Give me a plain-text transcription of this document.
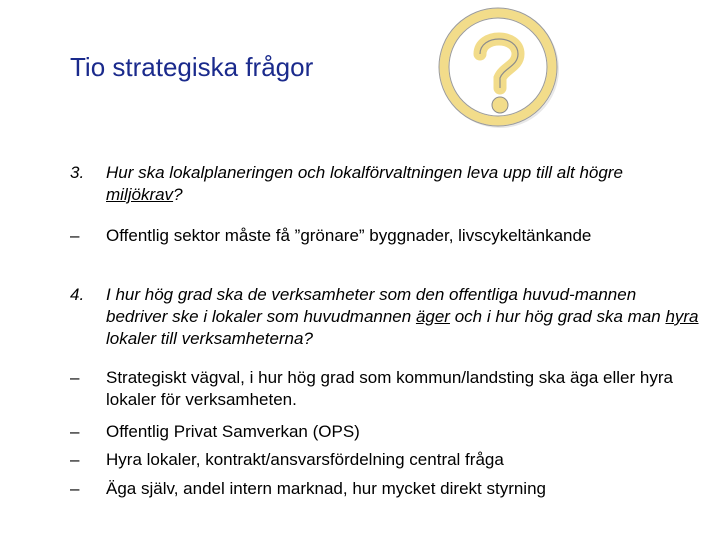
Tio strategiska frågor
3. Hur ska lokalplaneringen och lokalförvaltningen leva upp till alt högre miljökrav?
– Offentlig sektor måste få ”grönare” byggnader, livscykeltänkande
4. I hur hög grad ska de verksamheter som den offentliga huvud-mannen bedriver ske i lokaler som huvudmannen äger och i hur hög grad ska man hyra lokaler till verksamheterna?
– Strategiskt vägval, i hur hög grad som kommun/landsting ska äga eller hyra lokaler för verksamheten.
– Offentlig Privat Samverkan (OPS)
– Hyra lokaler, kontrakt/ansvarsfördelning central fråga
– Äga själv, andel intern marknad, hur mycket direkt styrning
